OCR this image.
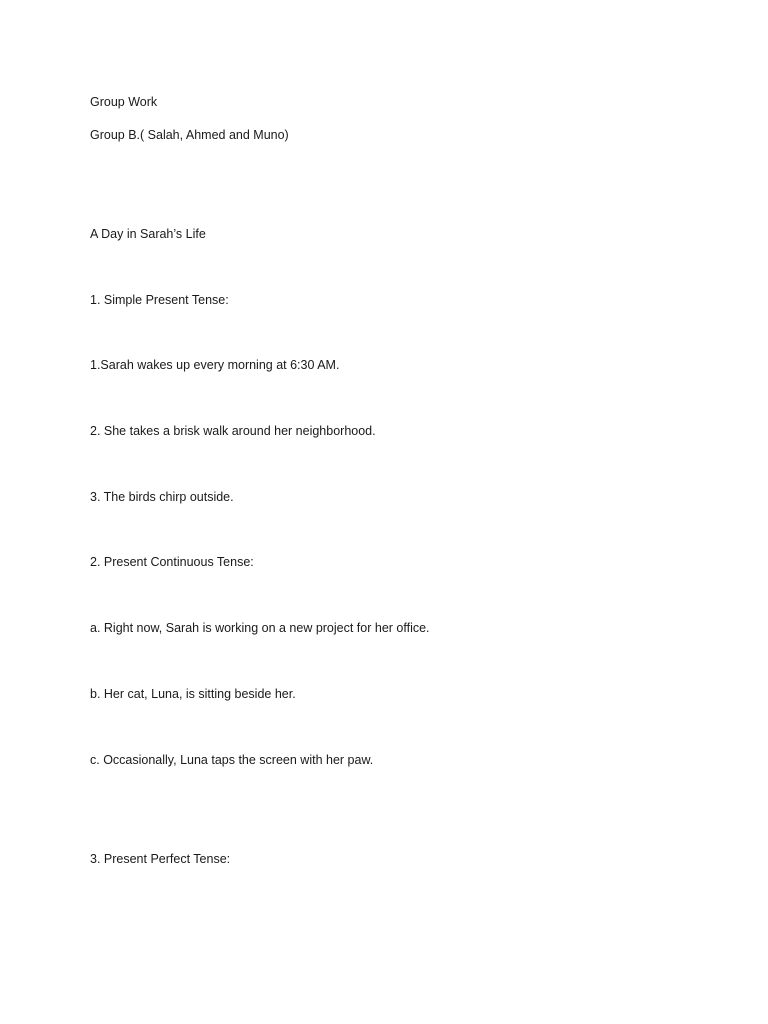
Group Work

Group B.( Salah, Ahmed and Muno)

A Day in Sarah’s Life

1. Simple Present Tense:

1.Sarah wakes up every morning at 6:30 AM.

2. She takes a brisk walk around her neighborhood.

3. The birds chirp outside.

2. Present Continuous Tense:

a. Right now, Sarah is working on a new project for her office.

b. Her cat, Luna, is sitting beside her.

c. Occasionally, Luna taps the screen with her paw.

3. Present Perfect Tense:
